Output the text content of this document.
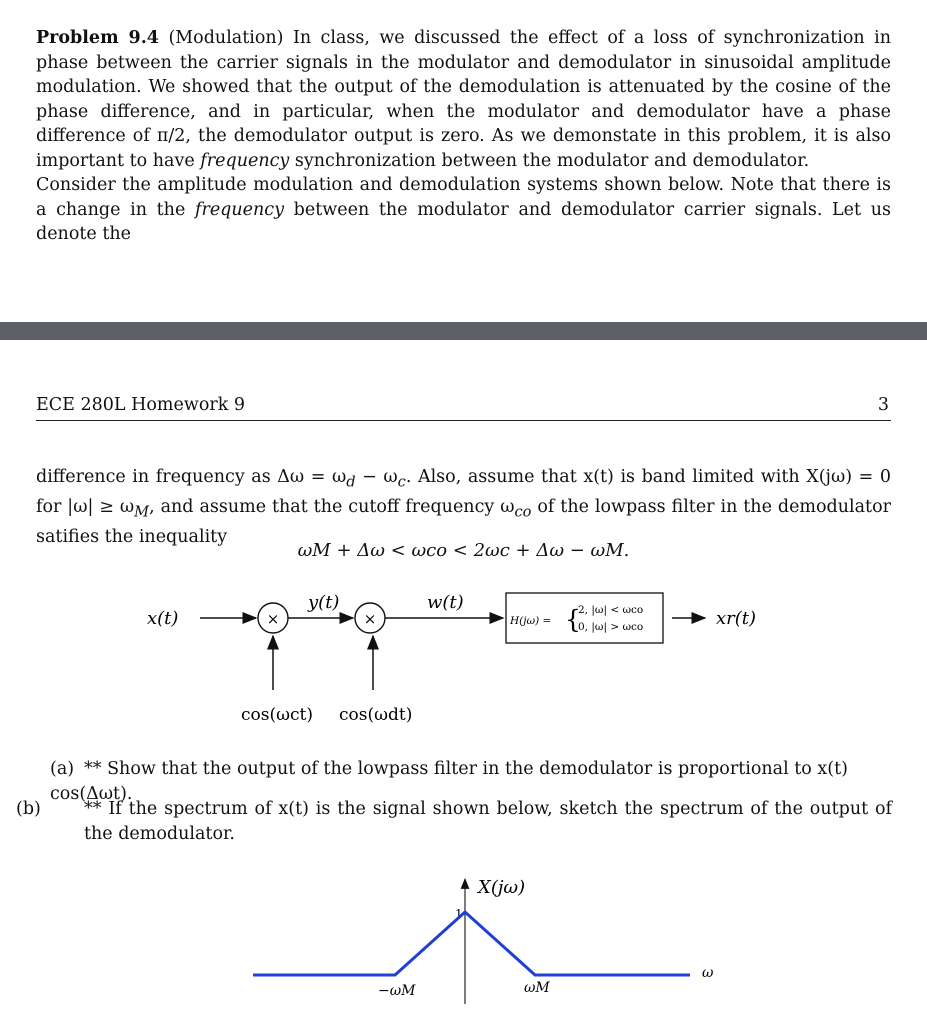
Problem 9.4 (Modulation) In class, we discussed the effect of a loss of synchronization in phase between the carrier signals in the modulator and demodulator in sinusoidal amplitude modulation. We showed that the output of the demodulation is attenuated by the cosine of the phase difference, and in particular, when the modulator and demodulator have a phase difference of π/2, the demodulator output is zero. As we demonstate in this problem, it is also important to have frequency synchronization between the modulator and demodulator.
Consider the amplitude modulation and demodulation systems shown below. Note that there is a change in the frequency between the modulator and demodulator carrier signals. Let us denote the
ECE 280L Homework 9	3
difference in frequency as $\Delta\omega = \omega_d - \omega_c$. Also, assume that x(t) is band limited with X(jω) = 0 for $|\omega| \ge \omega_M$, and assume that the cutoff frequency $\omega_{co}$ of the lowpass filter in the demodulator satifies the inequality
ωM + Δω < ωco < 2ωc + Δω − ωM.
x(t)	×
y(t)
×
w(t)
cos(ωct) cos(ωdt)
H(jω) = {
2, |ω| < ωco
0, |ω| > ωco	xr(t)
X(jω)
1
−ωM	ωM
ω
(a) ** Show that the output of the lowpass filter in the demodulator is proportional to x(t) cos(Δωt).
(b) ** If the spectrum of x(t) is the signal shown below, sketch the spectrum of the output of the demodulator.
